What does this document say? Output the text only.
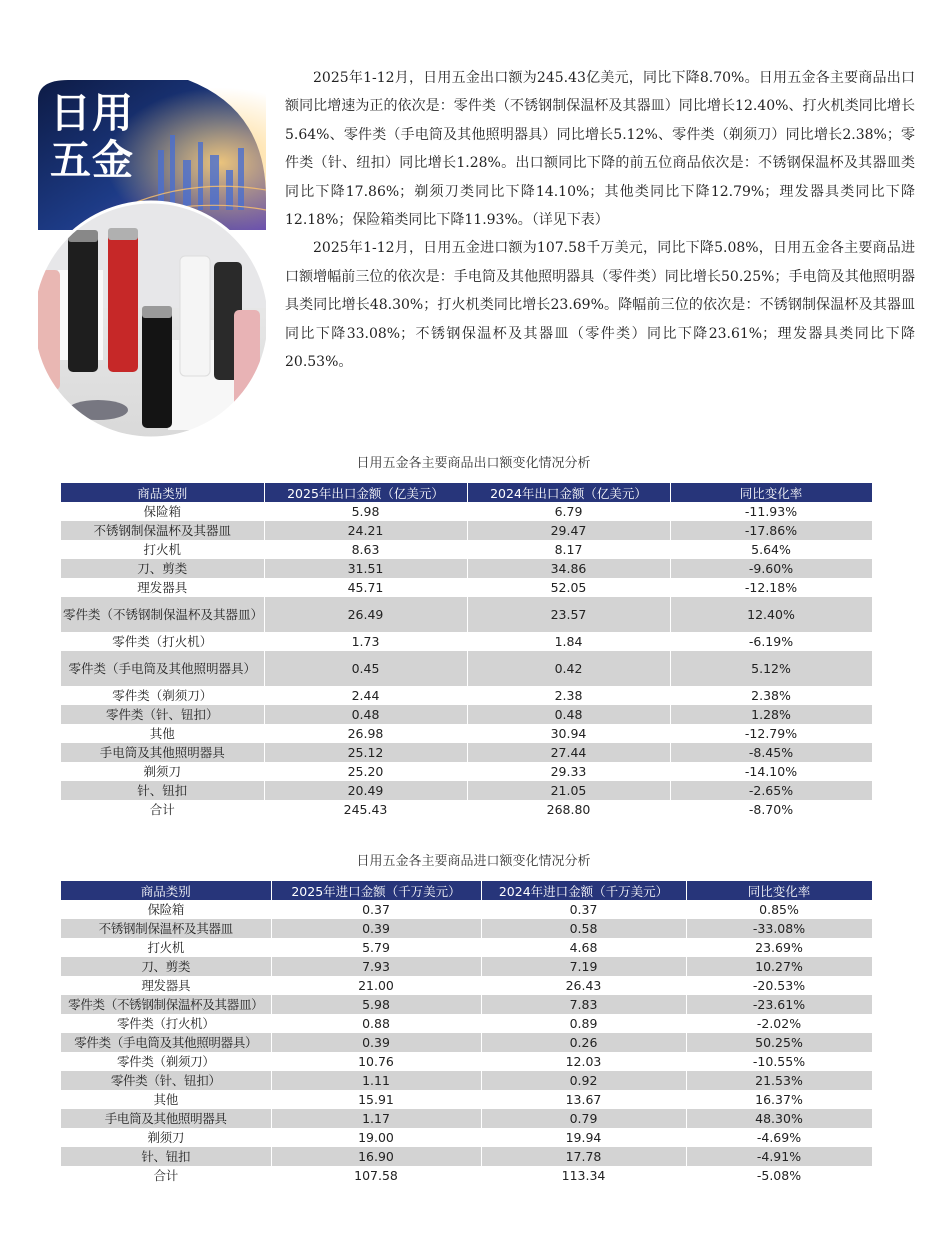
日用
五金

2025年1-12月，日用五金出口额为245.43亿美元，同比下降8.70%。日用五金各主要商品出口额同比增速为正的依次是：零件类（不锈钢制保温杯及其器皿）同比增长12.40%、打火机类同比增长5.64%、零件类（手电筒及其他照明器具）同比增长5.12%、零件类（剃须刀）同比增长2.38%；零件类（针、纽扣）同比增长1.28%。出口额同比下降的前五位商品依次是：不锈钢保温杯及其器皿类同比下降17.86%；剃须刀类同比下降14.10%；其他类同比下降12.79%；理发器具类同比下降12.18%；保险箱类同比下降11.93%。（详见下表）

2025年1-12月，日用五金进口额为107.58千万美元，同比下降5.08%，日用五金各主要商品进口额增幅前三位的依次是：手电筒及其他照明器具（零件类）同比增长50.25%；手电筒及其他照明器具类同比增长48.30%；打火机类同比增长23.69%。降幅前三位的依次是：不锈钢制保温杯及其器皿同比下降33.08%；不锈钢保温杯及其器皿（零件类）同比下降23.61%；理发器具类同比下降20.53%。

日用五金各主要商品出口额变化情况分析
商品类别	2025年出口金额（亿美元）	2024年出口金额（亿美元）	同比变化率
保险箱	5.98	6.79	-11.93%
不锈钢制保温杯及其器皿	24.21	29.47	-17.86%
打火机	8.63	8.17	5.64%
刀、剪类	31.51	34.86	-9.60%
理发器具	45.71	52.05	-12.18%
零件类（不锈钢制保温杯及其器皿）	26.49	23.57	12.40%
零件类（打火机）	1.73	1.84	-6.19%
零件类（手电筒及其他照明器具）	0.45	0.42	5.12%
零件类（剃须刀）	2.44	2.38	2.38%
零件类（针、钮扣）	0.48	0.48	1.28%
其他	26.98	30.94	-12.79%
手电筒及其他照明器具	25.12	27.44	-8.45%
剃须刀	25.20	29.33	-14.10%
针、钮扣	20.49	21.05	-2.65%
合计	245.43	268.80	-8.70%
日用五金各主要商品进口额变化情况分析
商品类别	2025年进口金额（千万美元）	2024年进口金额（千万美元）	同比变化率
保险箱	0.37	0.37	0.85%
不锈钢制保温杯及其器皿	0.39	0.58	-33.08%
打火机	5.79	4.68	23.69%
刀、剪类	7.93	7.19	10.27%
理发器具	21.00	26.43	-20.53%
零件类（不锈钢制保温杯及其器皿）	5.98	7.83	-23.61%
零件类（打火机）	0.88	0.89	-2.02%
零件类（手电筒及其他照明器具）	0.39	0.26	50.25%
零件类（剃须刀）	10.76	12.03	-10.55%
零件类（针、钮扣）	1.11	0.92	21.53%
其他	15.91	13.67	16.37%
手电筒及其他照明器具	1.17	0.79	48.30%
剃须刀	19.00	19.94	-4.69%
针、钮扣	16.90	17.78	-4.91%
合计	107.58	113.34	-5.08%
